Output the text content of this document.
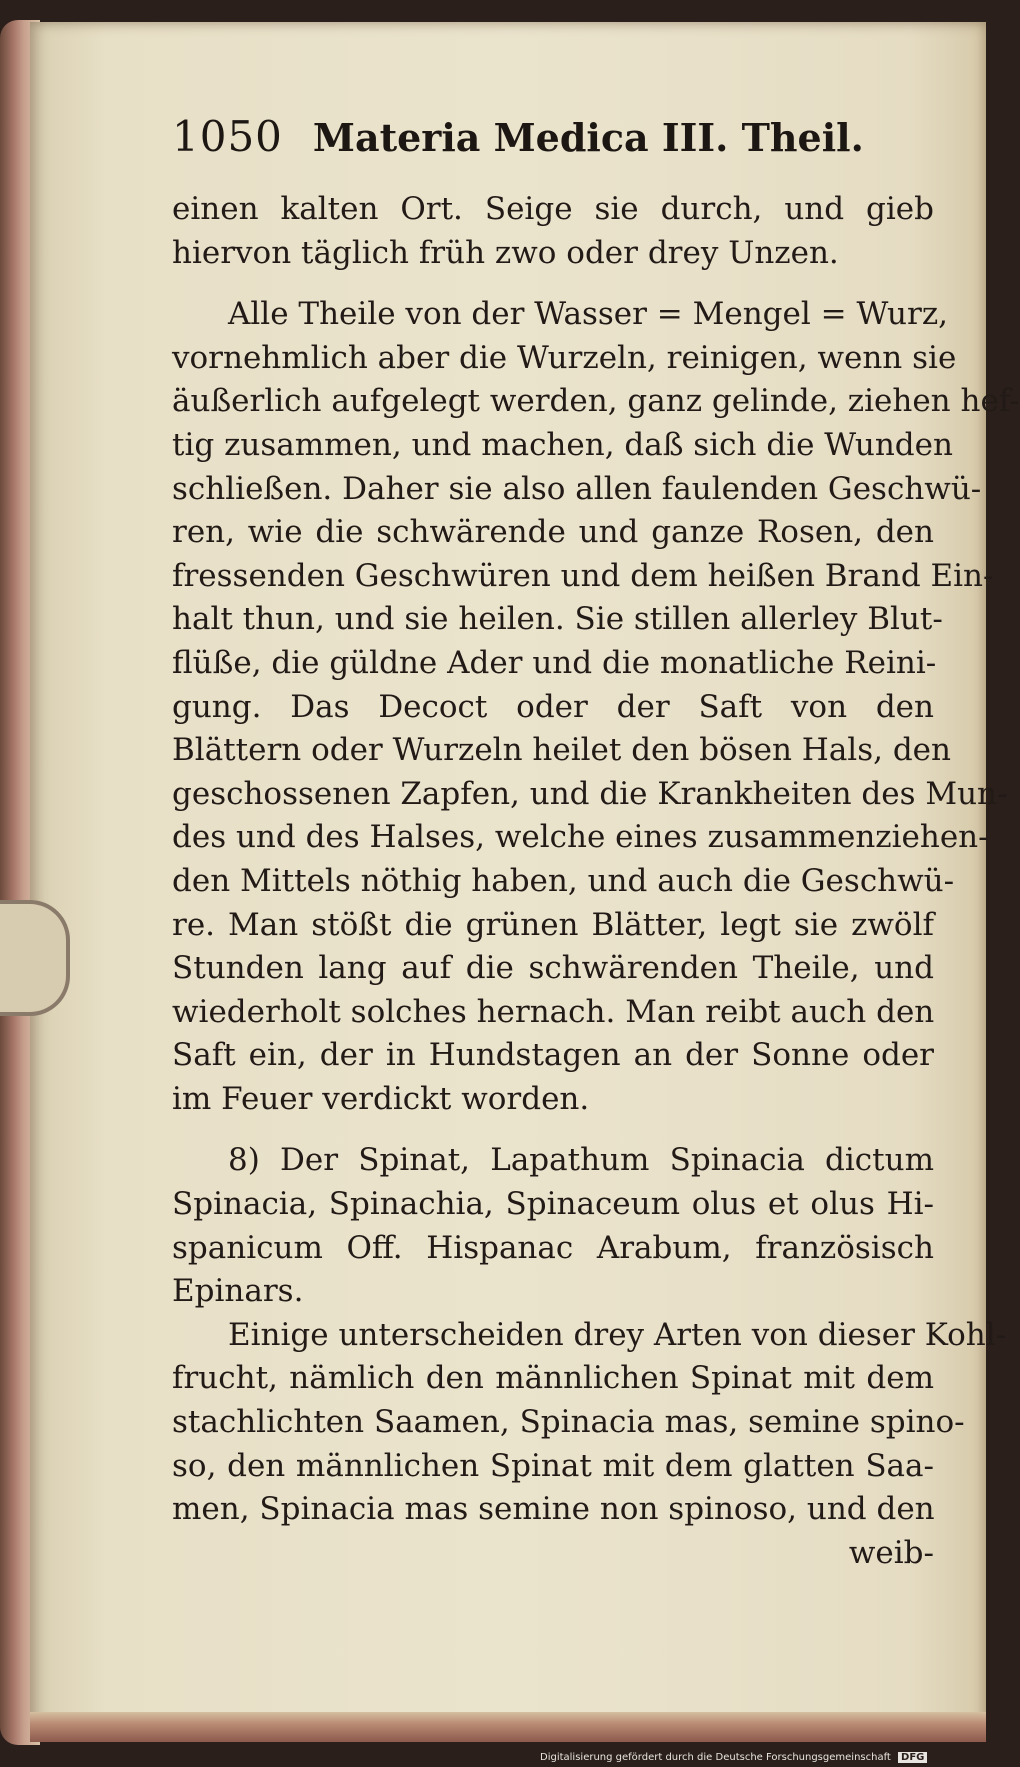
1050 Materia Medica III. Theil.
einen kalten Ort. Seige sie durch, und gieb
hiervon täglich früh zwo oder drey Unzen.
Alle Theile von der Wasser = Mengel = Wurz,
vornehmlich aber die Wurzeln, reinigen, wenn sie
äußerlich aufgelegt werden, ganz gelinde, ziehen hef-
tig zusammen, und machen, daß sich die Wunden
schließen. Daher sie also allen faulenden Geschwü-
ren, wie die schwärende und ganze Rosen, den
fressenden Geschwüren und dem heißen Brand Ein-
halt thun, und sie heilen. Sie stillen allerley Blut-
flüße, die güldne Ader und die monatliche Reini-
gung. Das Decoct oder der Saft von den
Blättern oder Wurzeln heilet den bösen Hals, den
geschossenen Zapfen, und die Krankheiten des Mun-
des und des Halses, welche eines zusammenziehen-
den Mittels nöthig haben, und auch die Geschwü-
re. Man stößt die grünen Blätter, legt sie zwölf
Stunden lang auf die schwärenden Theile, und
wiederholt solches hernach. Man reibt auch den
Saft ein, der in Hundstagen an der Sonne oder
im Feuer verdickt worden.
8) Der Spinat, Lapathum Spinacia dictum
Spinacia, Spinachia, Spinaceum olus et olus Hi-
spanicum Off. Hispanac Arabum, französisch
Epinars.
Einige unterscheiden drey Arten von dieser Kohl-
frucht, nämlich den männlichen Spinat mit dem
stachlichten Saamen, Spinacia mas, semine spino-
so, den männlichen Spinat mit dem glatten Saa-
men, Spinacia mas semine non spinoso, und den
weib-
Digitalisierung gefördert durch die Deutsche Forschungsgemeinschaft DFG
